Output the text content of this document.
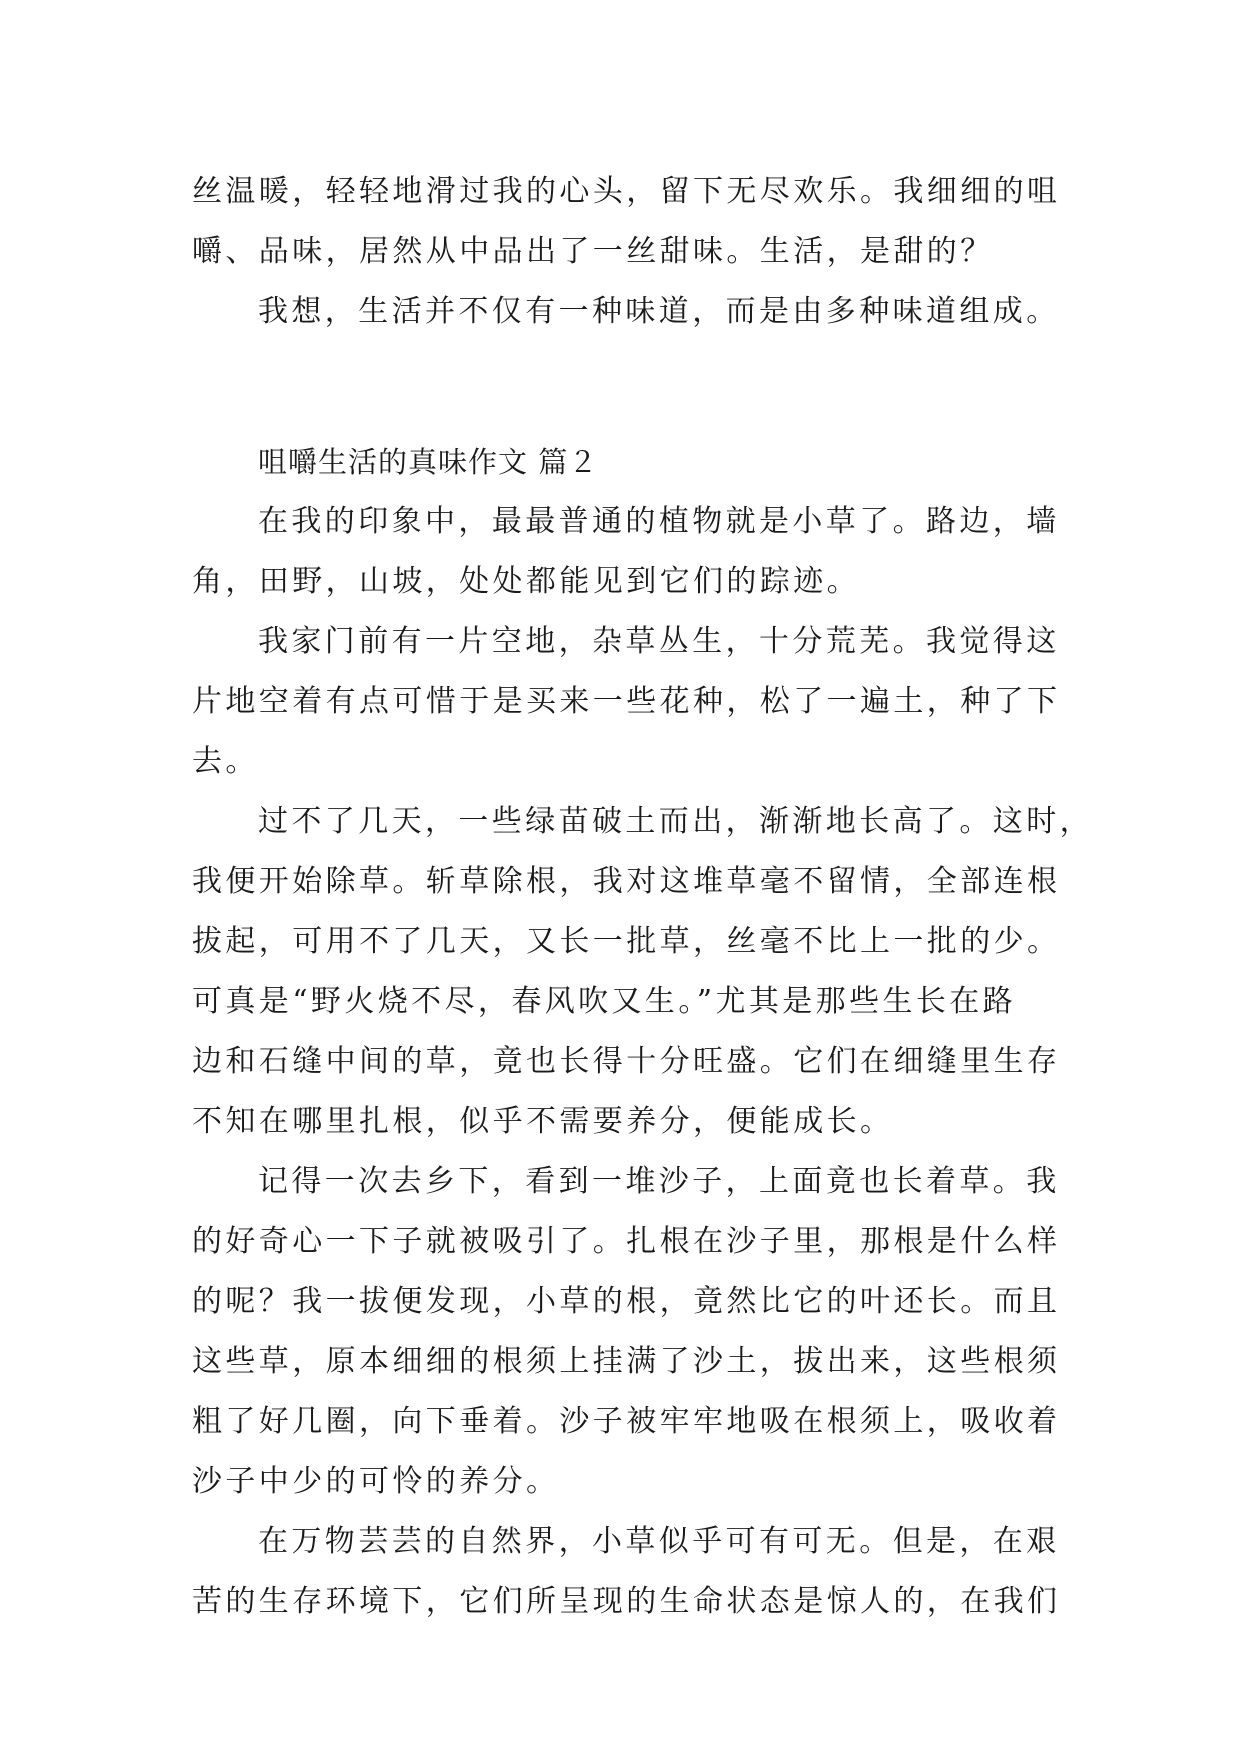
丝温暖，轻轻地滑过我的心头，留下无尽欢乐。我细细的咀
嚼、品味，居然从中品出了一丝甜味。生活，是甜的？
我想，生活并不仅有一种味道，而是由多种味道组成。
咀嚼生活的真味作文 篇２
在我的印象中，最最普通的植物就是小草了。路边，墙
角，田野，山坡，处处都能见到它们的踪迹。
我家门前有一片空地，杂草丛生，十分荒芜。我觉得这
片地空着有点可惜于是买来一些花种，松了一遍土，种了下
去。
过不了几天，一些绿苗破土而出，渐渐地长高了。这时，
我便开始除草。斩草除根，我对这堆草毫不留情，全部连根
拔起，可用不了几天，又长一批草，丝毫不比上一批的少。
可真是“野火烧不尽，春风吹又生。”尤其是那些生长在路
边和石缝中间的草，竟也长得十分旺盛。它们在细缝里生存
不知在哪里扎根，似乎不需要养分，便能成长。
记得一次去乡下，看到一堆沙子，上面竟也长着草。我
的好奇心一下子就被吸引了。扎根在沙子里，那根是什么样
的呢？我一拔便发现，小草的根，竟然比它的叶还长。而且
这些草，原本细细的根须上挂满了沙土，拔出来，这些根须
粗了好几圈，向下垂着。沙子被牢牢地吸在根须上，吸收着
沙子中少的可怜的养分。
在万物芸芸的自然界，小草似乎可有可无。但是，在艰
苦的生存环境下，它们所呈现的生命状态是惊人的，在我们
